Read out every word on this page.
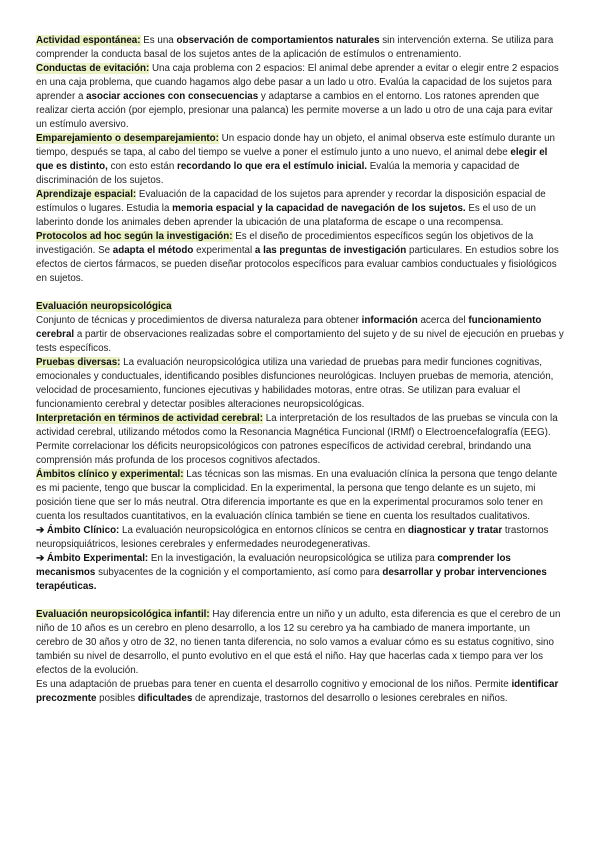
Actividad espontánea: Es una observación de comportamientos naturales sin intervención externa. Se utiliza para comprender la conducta basal de los sujetos antes de la aplicación de estímulos o entrenamiento.

Conductas de evitación: Una caja problema con 2 espacios: El animal debe aprender a evitar o elegir entre 2 espacios en una caja problema, que cuando hagamos algo debe pasar a un lado u otro. Evalúa la capacidad de los sujetos para aprender a asociar acciones con consecuencias y adaptarse a cambios en el entorno. Los ratones aprenden que realizar cierta acción (por ejemplo, presionar una palanca) les permite moverse a un lado u otro de una caja para evitar un estímulo aversivo.

Emparejamiento o desemparejamiento: Un espacio donde hay un objeto, el animal observa este estímulo durante un tiempo, después se tapa, al cabo del tiempo se vuelve a poner el estímulo junto a uno nuevo, el animal debe elegir el que es distinto, con esto están recordando lo que era el estímulo inicial. Evalúa la memoria y capacidad de discriminación de los sujetos.

Aprendizaje espacial: Evaluación de la capacidad de los sujetos para aprender y recordar la disposición espacial de estímulos o lugares. Estudia la memoria espacial y la capacidad de navegación de los sujetos. Es el uso de un laberinto donde los animales deben aprender la ubicación de una plataforma de escape o una recompensa.

Protocolos ad hoc según la investigación: Es el diseño de procedimientos específicos según los objetivos de la investigación. Se adapta el método experimental a las preguntas de investigación particulares. En estudios sobre los efectos de ciertos fármacos, se pueden diseñar protocolos específicos para evaluar cambios conductuales y fisiológicos en sujetos.

Evaluación neuropsicológica

Conjunto de técnicas y procedimientos de diversa naturaleza para obtener información acerca del funcionamiento cerebral a partir de observaciones realizadas sobre el comportamiento del sujeto y de su nivel de ejecución en pruebas y tests específicos.

Pruebas diversas: La evaluación neuropsicológica utiliza una variedad de pruebas para medir funciones cognitivas, emocionales y conductuales, identificando posibles disfunciones neurológicas. Incluyen pruebas de memoria, atención, velocidad de procesamiento, funciones ejecutivas y habilidades motoras, entre otras. Se utilizan para evaluar el funcionamiento cerebral y detectar posibles alteraciones neuropsicológicas.

Interpretación en términos de actividad cerebral: La interpretación de los resultados de las pruebas se vincula con la actividad cerebral, utilizando métodos como la Resonancia Magnética Funcional (IRMf) o Electroencefalografía (EEG). Permite correlacionar los déficits neuropsicológicos con patrones específicos de actividad cerebral, brindando una comprensión más profunda de los procesos cognitivos afectados.

Ámbitos clínico y experimental: Las técnicas son las mismas. En una evaluación clínica la persona que tengo delante es mi paciente, tengo que buscar la complicidad. En la experimental, la persona que tengo delante es un sujeto, mi posición tiene que ser lo más neutral. Otra diferencia importante es que en la experimental procuramos solo tener en cuenta los resultados cuantitativos, en la evaluación clínica también se tiene en cuenta los resultados cualitativos.

➔ Ámbito Clínico: La evaluación neuropsicológica en entornos clínicos se centra en diagnosticar y tratar trastornos neuropsiquiátricos, lesiones cerebrales y enfermedades neurodegenerativas.

➔ Ámbito Experimental: En la investigación, la evaluación neuropsicológica se utiliza para comprender los mecanismos subyacentes de la cognición y el comportamiento, así como para desarrollar y probar intervenciones terapéuticas.

Evaluación neuropsicológica infantil: Hay diferencia entre un niño y un adulto, esta diferencia es que el cerebro de un niño de 10 años es un cerebro en pleno desarrollo, a los 12 su cerebro ya ha cambiado de manera importante, un cerebro de 30 años y otro de 32, no tienen tanta diferencia, no solo vamos a evaluar cómo es su estatus cognitivo, sino también su nivel de desarrollo, el punto evolutivo en el que está el niño. Hay que hacerlas cada x tiempo para ver los efectos de la evolución.

Es una adaptación de pruebas para tener en cuenta el desarrollo cognitivo y emocional de los niños. Permite identificar precozmente posibles dificultades de aprendizaje, trastornos del desarrollo o lesiones cerebrales en niños.
